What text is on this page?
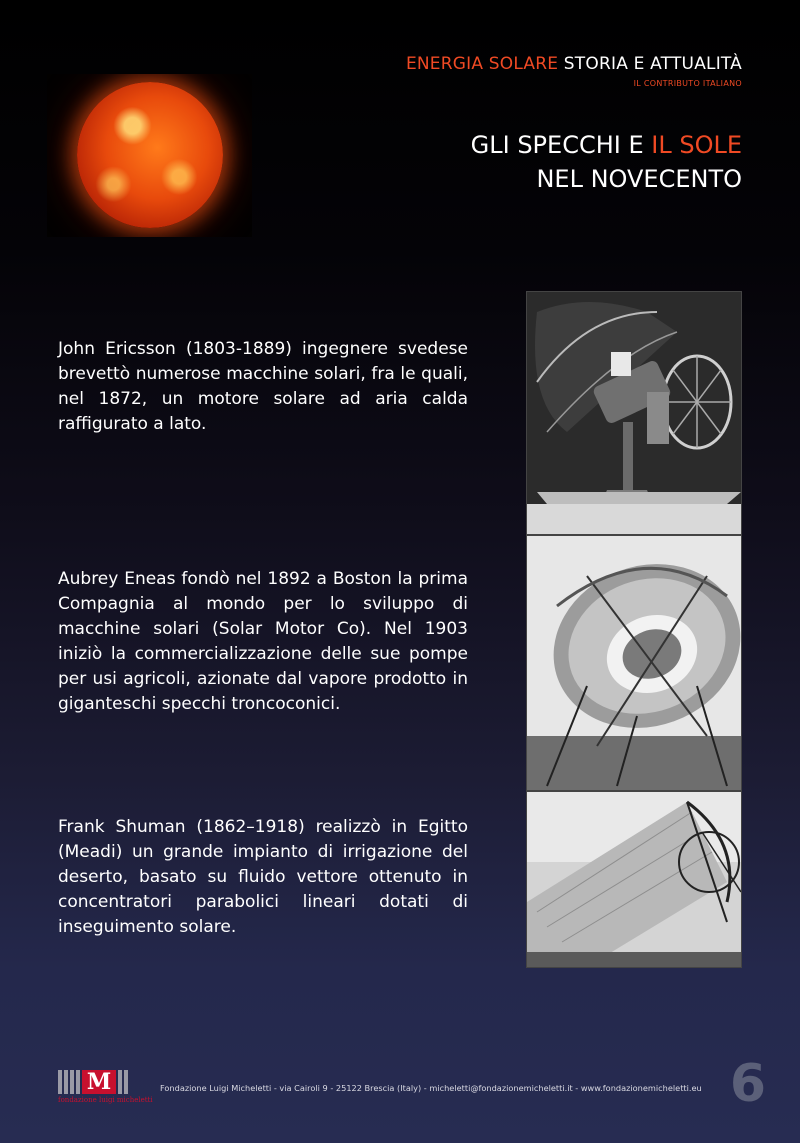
ENERGIA SOLARE STORIA E ATTUALITÀ
IL CONTRIBUTO ITALIANO
GLI SPECCHI E IL SOLE
NEL NOVECENTO

John Ericsson (1803-1889) ingegnere svedese brevettò numerose macchine solari, fra le quali, nel 1872, un motore solare ad aria calda raffigurato a lato.

Aubrey Eneas fondò nel 1892 a Boston la prima Compagnia al mondo per lo sviluppo di macchine solari (Solar Motor Co). Nel 1903 iniziò la commercializzazione delle sue pompe per usi agricoli, azionate dal vapore prodotto in giganteschi specchi troncoconici.

Frank Shuman (1862–1918) realizzò in Egitto (Meadi) un grande impianto di irrigazione del deserto, basato su fluido vettore ottenuto in concentratori parabolici lineari dotati di inseguimento solare.

M
fondazione luigi micheletti
Fondazione Luigi Micheletti - via Cairoli 9 - 25122 Brescia (Italy) - micheletti@fondazionemicheletti.it - www.fondazionemicheletti.eu 6
